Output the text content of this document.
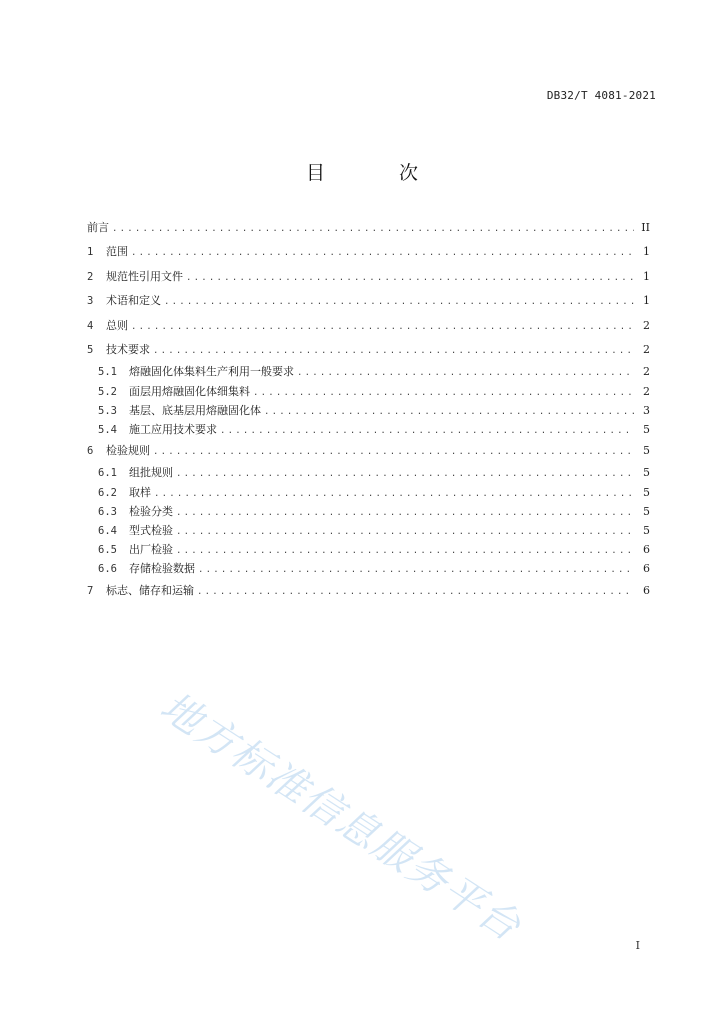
DB32/T 4081-2021
目 次
前言 . . .	II
1	范围 . . .	1
2	规范性引用文件 . . .	1
3	术语和定义 . . .	1
4	总则 . . .	2
5	技术要求 . . .	2
5.1	熔融固化体集料生产利用一般要求 . . .	2
5.2	面层用熔融固化体细集料 . . .	2
5.3	基层、底基层用熔融固化体 . . .	3
5.4	施工应用技术要求 . . .	5
6	检验规则 . . .	5
6.1	组批规则 . . .	5
6.2	取样 . . .	5
6.3	检验分类 . . .	5
6.4	型式检验 . . .	5
6.5	出厂检验 . . .	6
6.6	存储检验数据 . . .	6
7	标志、储存和运输 . . .	6
地方标准信息服务平台	I
